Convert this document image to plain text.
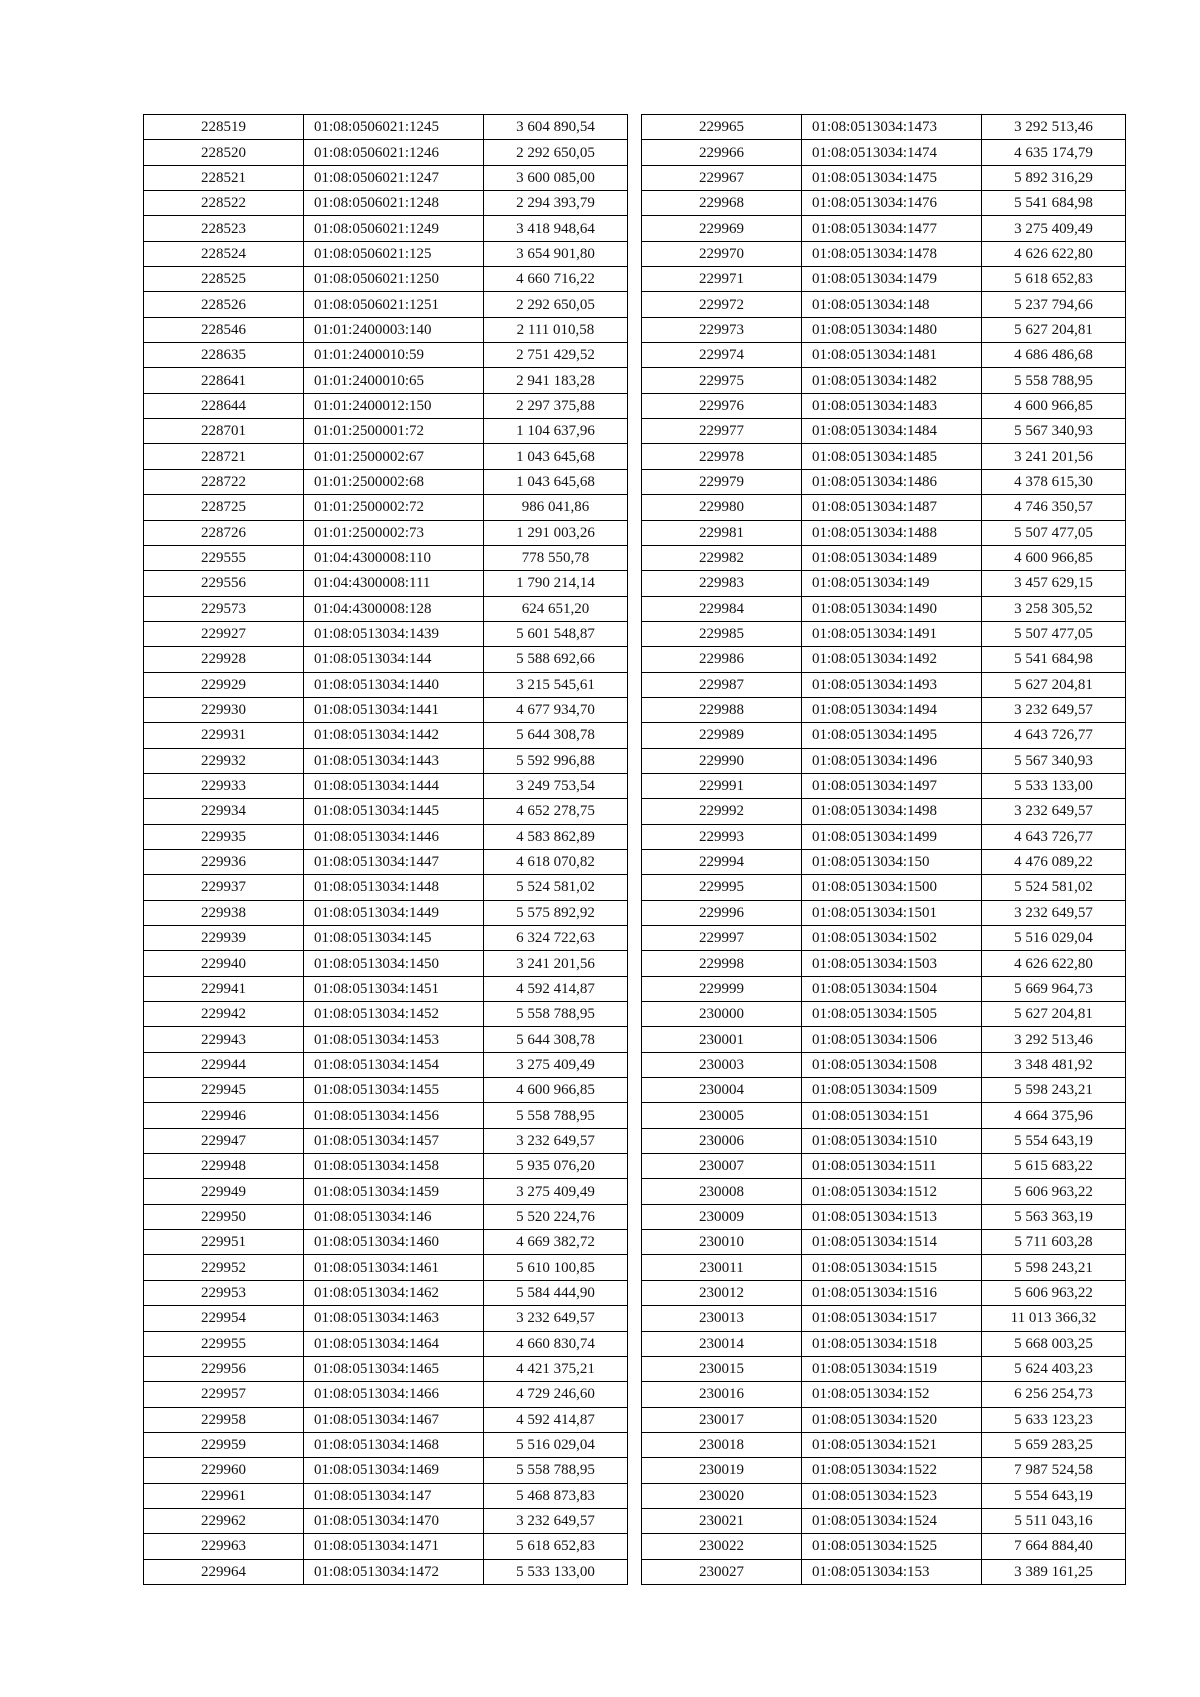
228519	01:08:0506021:1245	3 604 890,54
228520	01:08:0506021:1246	2 292 650,05
228521	01:08:0506021:1247	3 600 085,00
228522	01:08:0506021:1248	2 294 393,79
228523	01:08:0506021:1249	3 418 948,64
228524	01:08:0506021:125	3 654 901,80
228525	01:08:0506021:1250	4 660 716,22
228526	01:08:0506021:1251	2 292 650,05
228546	01:01:2400003:140	2 111 010,58
228635	01:01:2400010:59	2 751 429,52
228641	01:01:2400010:65	2 941 183,28
228644	01:01:2400012:150	2 297 375,88
228701	01:01:2500001:72	1 104 637,96
228721	01:01:2500002:67	1 043 645,68
228722	01:01:2500002:68	1 043 645,68
228725	01:01:2500002:72	986 041,86
228726	01:01:2500002:73	1 291 003,26
229555	01:04:4300008:110	778 550,78
229556	01:04:4300008:111	1 790 214,14
229573	01:04:4300008:128	624 651,20
229927	01:08:0513034:1439	5 601 548,87
229928	01:08:0513034:144	5 588 692,66
229929	01:08:0513034:1440	3 215 545,61
229930	01:08:0513034:1441	4 677 934,70
229931	01:08:0513034:1442	5 644 308,78
229932	01:08:0513034:1443	5 592 996,88
229933	01:08:0513034:1444	3 249 753,54
229934	01:08:0513034:1445	4 652 278,75
229935	01:08:0513034:1446	4 583 862,89
229936	01:08:0513034:1447	4 618 070,82
229937	01:08:0513034:1448	5 524 581,02
229938	01:08:0513034:1449	5 575 892,92
229939	01:08:0513034:145	6 324 722,63
229940	01:08:0513034:1450	3 241 201,56
229941	01:08:0513034:1451	4 592 414,87
229942	01:08:0513034:1452	5 558 788,95
229943	01:08:0513034:1453	5 644 308,78
229944	01:08:0513034:1454	3 275 409,49
229945	01:08:0513034:1455	4 600 966,85
229946	01:08:0513034:1456	5 558 788,95
229947	01:08:0513034:1457	3 232 649,57
229948	01:08:0513034:1458	5 935 076,20
229949	01:08:0513034:1459	3 275 409,49
229950	01:08:0513034:146	5 520 224,76
229951	01:08:0513034:1460	4 669 382,72
229952	01:08:0513034:1461	5 610 100,85
229953	01:08:0513034:1462	5 584 444,90
229954	01:08:0513034:1463	3 232 649,57
229955	01:08:0513034:1464	4 660 830,74
229956	01:08:0513034:1465	4 421 375,21
229957	01:08:0513034:1466	4 729 246,60
229958	01:08:0513034:1467	4 592 414,87
229959	01:08:0513034:1468	5 516 029,04
229960	01:08:0513034:1469	5 558 788,95
229961	01:08:0513034:147	5 468 873,83
229962	01:08:0513034:1470	3 232 649,57
229963	01:08:0513034:1471	5 618 652,83
229964	01:08:0513034:1472	5 533 133,00
229965	01:08:0513034:1473	3 292 513,46
229966	01:08:0513034:1474	4 635 174,79
229967	01:08:0513034:1475	5 892 316,29
229968	01:08:0513034:1476	5 541 684,98
229969	01:08:0513034:1477	3 275 409,49
229970	01:08:0513034:1478	4 626 622,80
229971	01:08:0513034:1479	5 618 652,83
229972	01:08:0513034:148	5 237 794,66
229973	01:08:0513034:1480	5 627 204,81
229974	01:08:0513034:1481	4 686 486,68
229975	01:08:0513034:1482	5 558 788,95
229976	01:08:0513034:1483	4 600 966,85
229977	01:08:0513034:1484	5 567 340,93
229978	01:08:0513034:1485	3 241 201,56
229979	01:08:0513034:1486	4 378 615,30
229980	01:08:0513034:1487	4 746 350,57
229981	01:08:0513034:1488	5 507 477,05
229982	01:08:0513034:1489	4 600 966,85
229983	01:08:0513034:149	3 457 629,15
229984	01:08:0513034:1490	3 258 305,52
229985	01:08:0513034:1491	5 507 477,05
229986	01:08:0513034:1492	5 541 684,98
229987	01:08:0513034:1493	5 627 204,81
229988	01:08:0513034:1494	3 232 649,57
229989	01:08:0513034:1495	4 643 726,77
229990	01:08:0513034:1496	5 567 340,93
229991	01:08:0513034:1497	5 533 133,00
229992	01:08:0513034:1498	3 232 649,57
229993	01:08:0513034:1499	4 643 726,77
229994	01:08:0513034:150	4 476 089,22
229995	01:08:0513034:1500	5 524 581,02
229996	01:08:0513034:1501	3 232 649,57
229997	01:08:0513034:1502	5 516 029,04
229998	01:08:0513034:1503	4 626 622,80
229999	01:08:0513034:1504	5 669 964,73
230000	01:08:0513034:1505	5 627 204,81
230001	01:08:0513034:1506	3 292 513,46
230003	01:08:0513034:1508	3 348 481,92
230004	01:08:0513034:1509	5 598 243,21
230005	01:08:0513034:151	4 664 375,96
230006	01:08:0513034:1510	5 554 643,19
230007	01:08:0513034:1511	5 615 683,22
230008	01:08:0513034:1512	5 606 963,22
230009	01:08:0513034:1513	5 563 363,19
230010	01:08:0513034:1514	5 711 603,28
230011	01:08:0513034:1515	5 598 243,21
230012	01:08:0513034:1516	5 606 963,22
230013	01:08:0513034:1517	11 013 366,32
230014	01:08:0513034:1518	5 668 003,25
230015	01:08:0513034:1519	5 624 403,23
230016	01:08:0513034:152	6 256 254,73
230017	01:08:0513034:1520	5 633 123,23
230018	01:08:0513034:1521	5 659 283,25
230019	01:08:0513034:1522	7 987 524,58
230020	01:08:0513034:1523	5 554 643,19
230021	01:08:0513034:1524	5 511 043,16
230022	01:08:0513034:1525	7 664 884,40
230027	01:08:0513034:153	3 389 161,25
